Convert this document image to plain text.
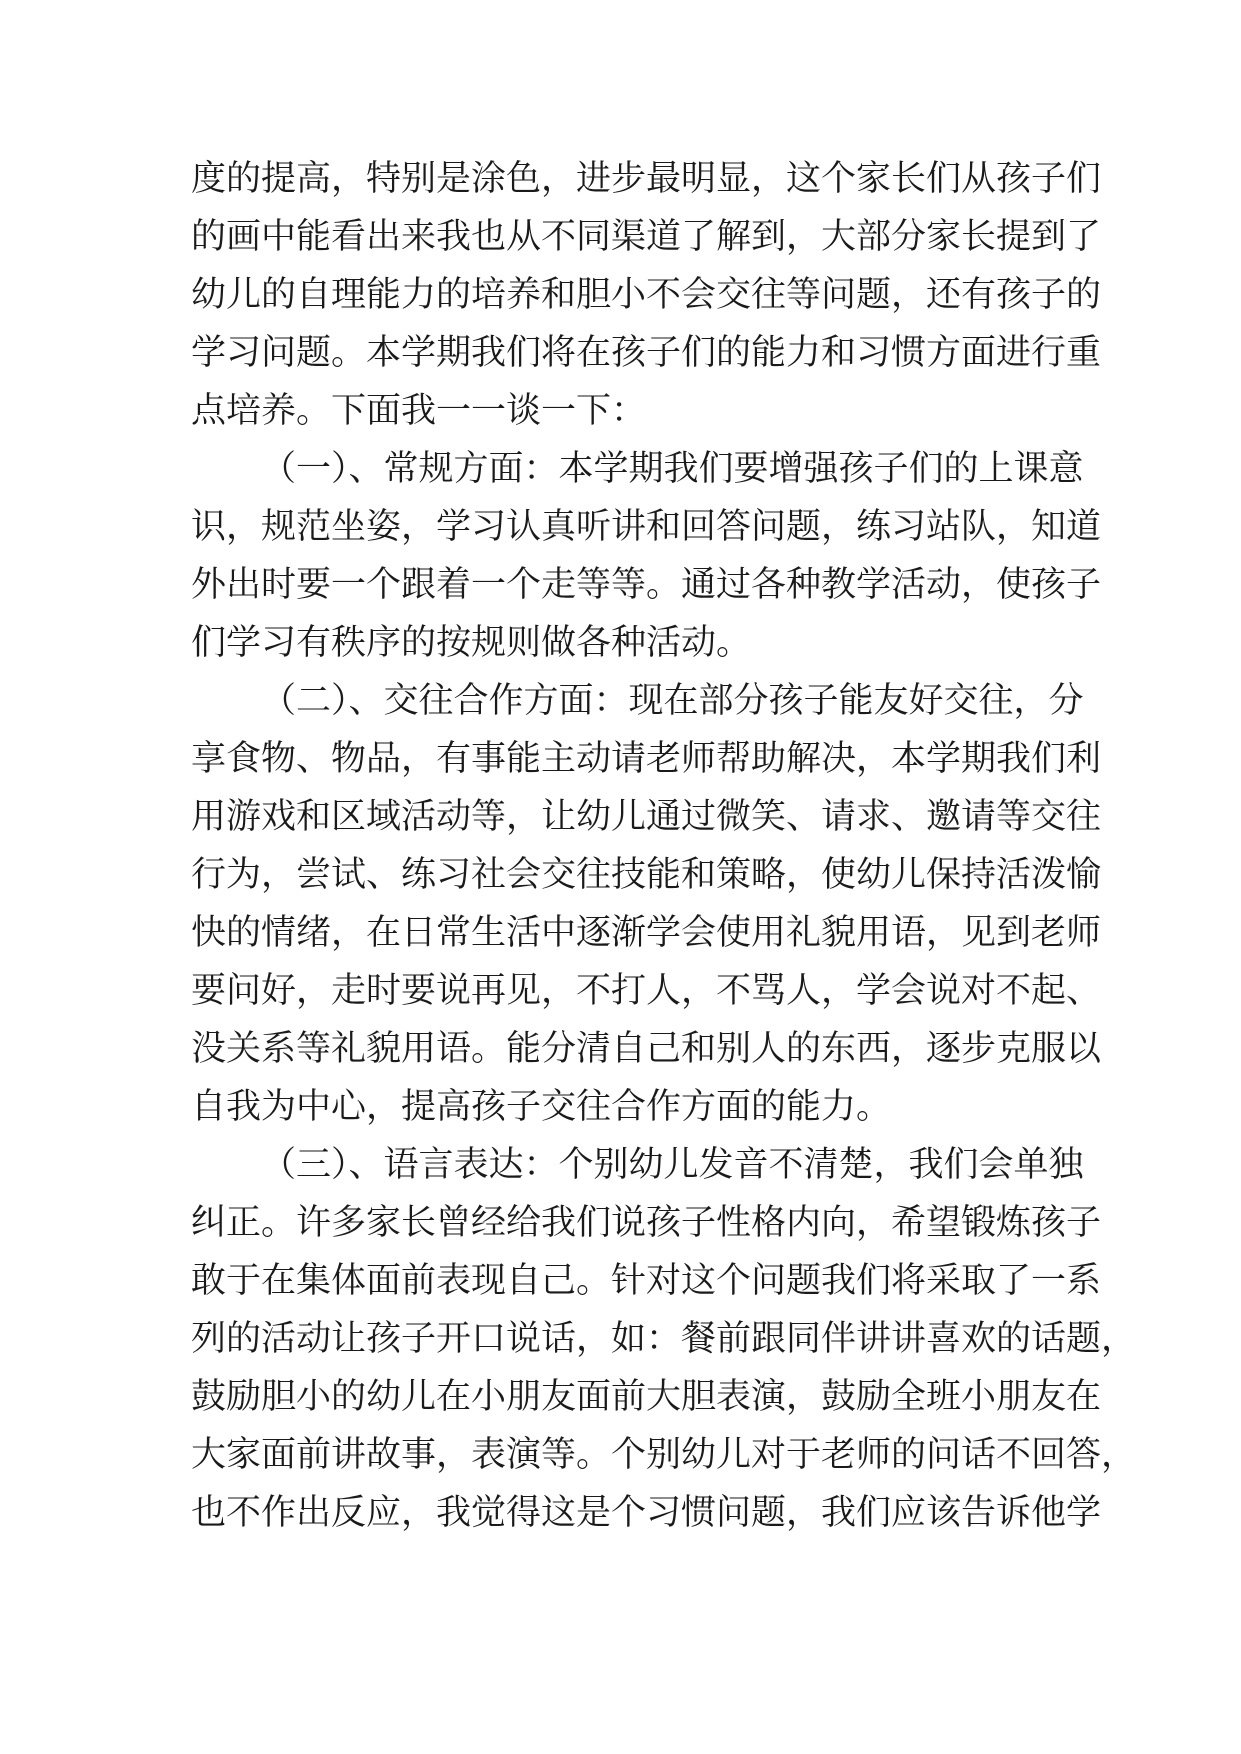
度的提高，特别是涂色，进步最明显，这个家长们从孩子们
的画中能看出来我也从不同渠道了解到，大部分家长提到了
幼儿的自理能力的培养和胆小不会交往等问题，还有孩子的
学习问题。本学期我们将在孩子们的能力和习惯方面进行重
点培养。下面我一一谈一下：
（一）、常规方面：本学期我们要增强孩子们的上课意
识，规范坐姿，学习认真听讲和回答问题，练习站队，知道
外出时要一个跟着一个走等等。通过各种教学活动，使孩子
们学习有秩序的按规则做各种活动。
（二）、交往合作方面：现在部分孩子能友好交往，分
享食物、物品，有事能主动请老师帮助解决，本学期我们利
用游戏和区域活动等，让幼儿通过微笑、请求、邀请等交往
行为，尝试、练习社会交往技能和策略，使幼儿保持活泼愉
快的情绪，在日常生活中逐渐学会使用礼貌用语，见到老师
要问好，走时要说再见，不打人，不骂人，学会说对不起、
没关系等礼貌用语。能分清自己和别人的东西，逐步克服以
自我为中心，提高孩子交往合作方面的能力。
（三）、语言表达：个别幼儿发音不清楚，我们会单独
纠正。许多家长曾经给我们说孩子性格内向，希望锻炼孩子
敢于在集体面前表现自己。针对这个问题我们将采取了一系
列的活动让孩子开口说话，如：餐前跟同伴讲讲喜欢的话题，
鼓励胆小的幼儿在小朋友面前大胆表演，鼓励全班小朋友在
大家面前讲故事，表演等。个别幼儿对于老师的问话不回答，
也不作出反应，我觉得这是个习惯问题，我们应该告诉他学
